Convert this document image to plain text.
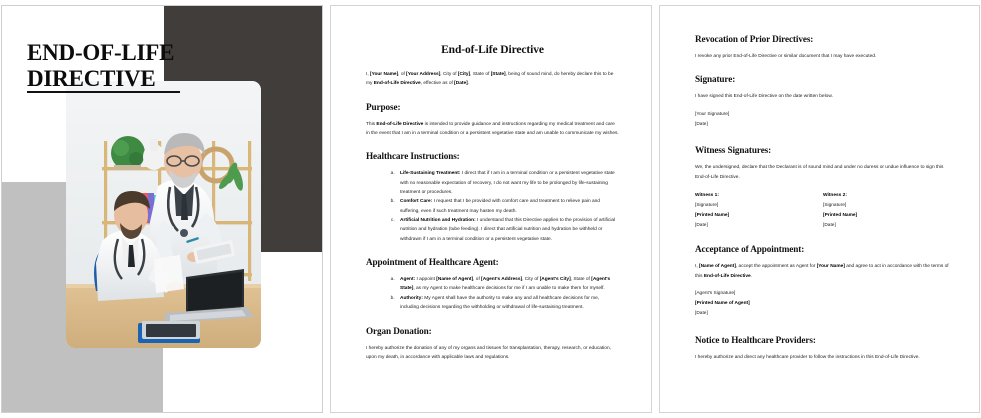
END-OF-LIFE
DIRECTIVE
End-of-Life Directive

I, [Your Name], of [Your Address], City of [City], State of [State], being of sound mind, do hereby declare this to be my End-of-Life Directive, effective as of [Date].

Purpose:

This End-of-Life Directive is intended to provide guidance and instructions regarding my medical treatment and care in the event that I am in a terminal condition or a persistent vegetative state and am unable to communicate my wishes.

Healthcare Instructions:
a. Life-Sustaining Treatment: I direct that if I am in a terminal condition or a persistent vegetative state with no reasonable expectation of recovery, I do not want my life to be prolonged by life-sustaining treatment or procedures.
b. Comfort Care: I request that I be provided with comfort care and treatment to relieve pain and suffering, even if such treatment may hasten my death.
c. Artificial Nutrition and Hydration: I understand that this Directive applies to the provision of artificial nutrition and hydration (tube feeding). I direct that artificial nutrition and hydration be withheld or withdrawn if I am in a terminal condition or a persistent vegetative state.
Appointment of Healthcare Agent:
a. Agent: I appoint [Name of Agent], of [Agent's Address], City of [Agent's City], State of [Agent's State], as my Agent to make healthcare decisions for me if I am unable to make them for myself.
b. Authority: My Agent shall have the authority to make any and all healthcare decisions for me, including decisions regarding the withholding or withdrawal of life-sustaining treatment.
Organ Donation:

I hereby authorize the donation of any of my organs and tissues for transplantation, therapy, research, or education, upon my death, in accordance with applicable laws and regulations.

Revocation of Prior Directives:

I revoke any prior End-of-Life Directive or similar document that I may have executed.

Signature:

I have signed this End-of-Life Directive on the date written below.

[Your Signature]

[Date]

Witness Signatures:

We, the undersigned, declare that the Declarant is of sound mind and under no duress or undue influence to sign this End-of-Life Directive.

Witness 1:

[Signature]

[Printed Name]

[Date]

Witness 2:

[Signature]

[Printed Name]

[Date]

Acceptance of Appointment:

I, [Name of Agent], accept the appointment as Agent for [Your Name] and agree to act in accordance with the terms of this End-of-Life Directive.

[Agent's Signature]

[Printed Name of Agent]

[Date]

Notice to Healthcare Providers:

I hereby authorize and direct any healthcare provider to follow the instructions in this End-of-Life Directive.
